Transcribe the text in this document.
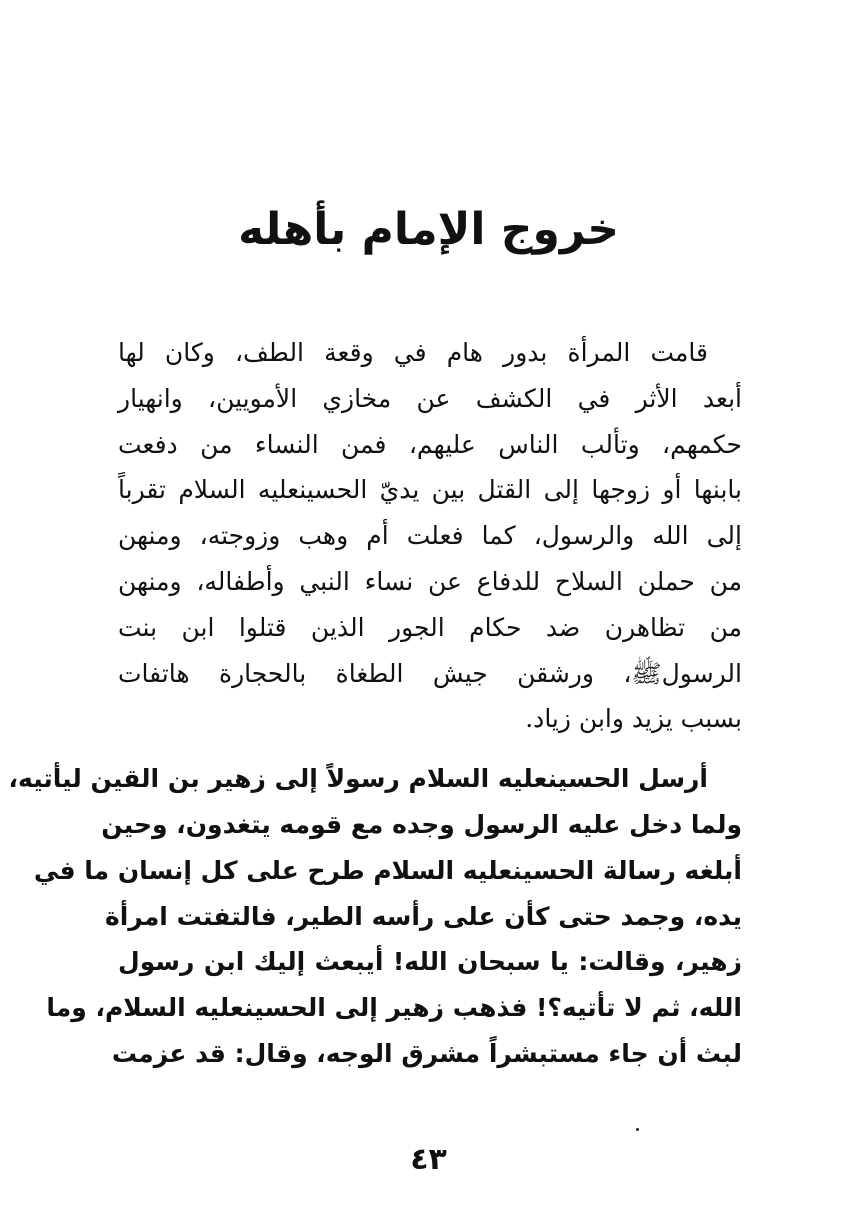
خروج الإمام بأهله

قامت المرأة بدور هام في وقعة الطف، وكان لها
أبعد الأثر في الكشف عن مخازي الأمويين، وانهيار
حكمهم، وتألب الناس عليهم، فمن النساء من دفعت
بابنها أو زوجها إلى القتل بين يديّ الحسينعليه السلام تقرباً
إلى الله والرسول، كما فعلت أم وهب وزوجته، ومنهن
من حملن السلاح للدفاع عن نساء النبي وأطفاله، ومنهن
من تظاهرن ضد حكام الجور الذين قتلوا ابن بنت
الرسولﷺ، ورشقن جيش الطغاة بالحجارة هاتفات
بسبب يزيد وابن زياد.

أرسل الحسينعليه السلام رسولاً إلى زهير بن القين ليأتيه،
ولما دخل عليه الرسول وجده مع قومه يتغدون، وحين
أبلغه رسالة الحسينعليه السلام طرح على كل إنسان ما في
يده، وجمد حتى كأن على رأسه الطير، فالتفتت امرأة
زهير، وقالت: يا سبحان الله! أيبعث إليك ابن رسول
الله، ثم لا تأتيه؟! فذهب زهير إلى الحسينعليه السلام، وما
لبث أن جاء مستبشراً مشرق الوجه، وقال: قد عزمت

٤٣
